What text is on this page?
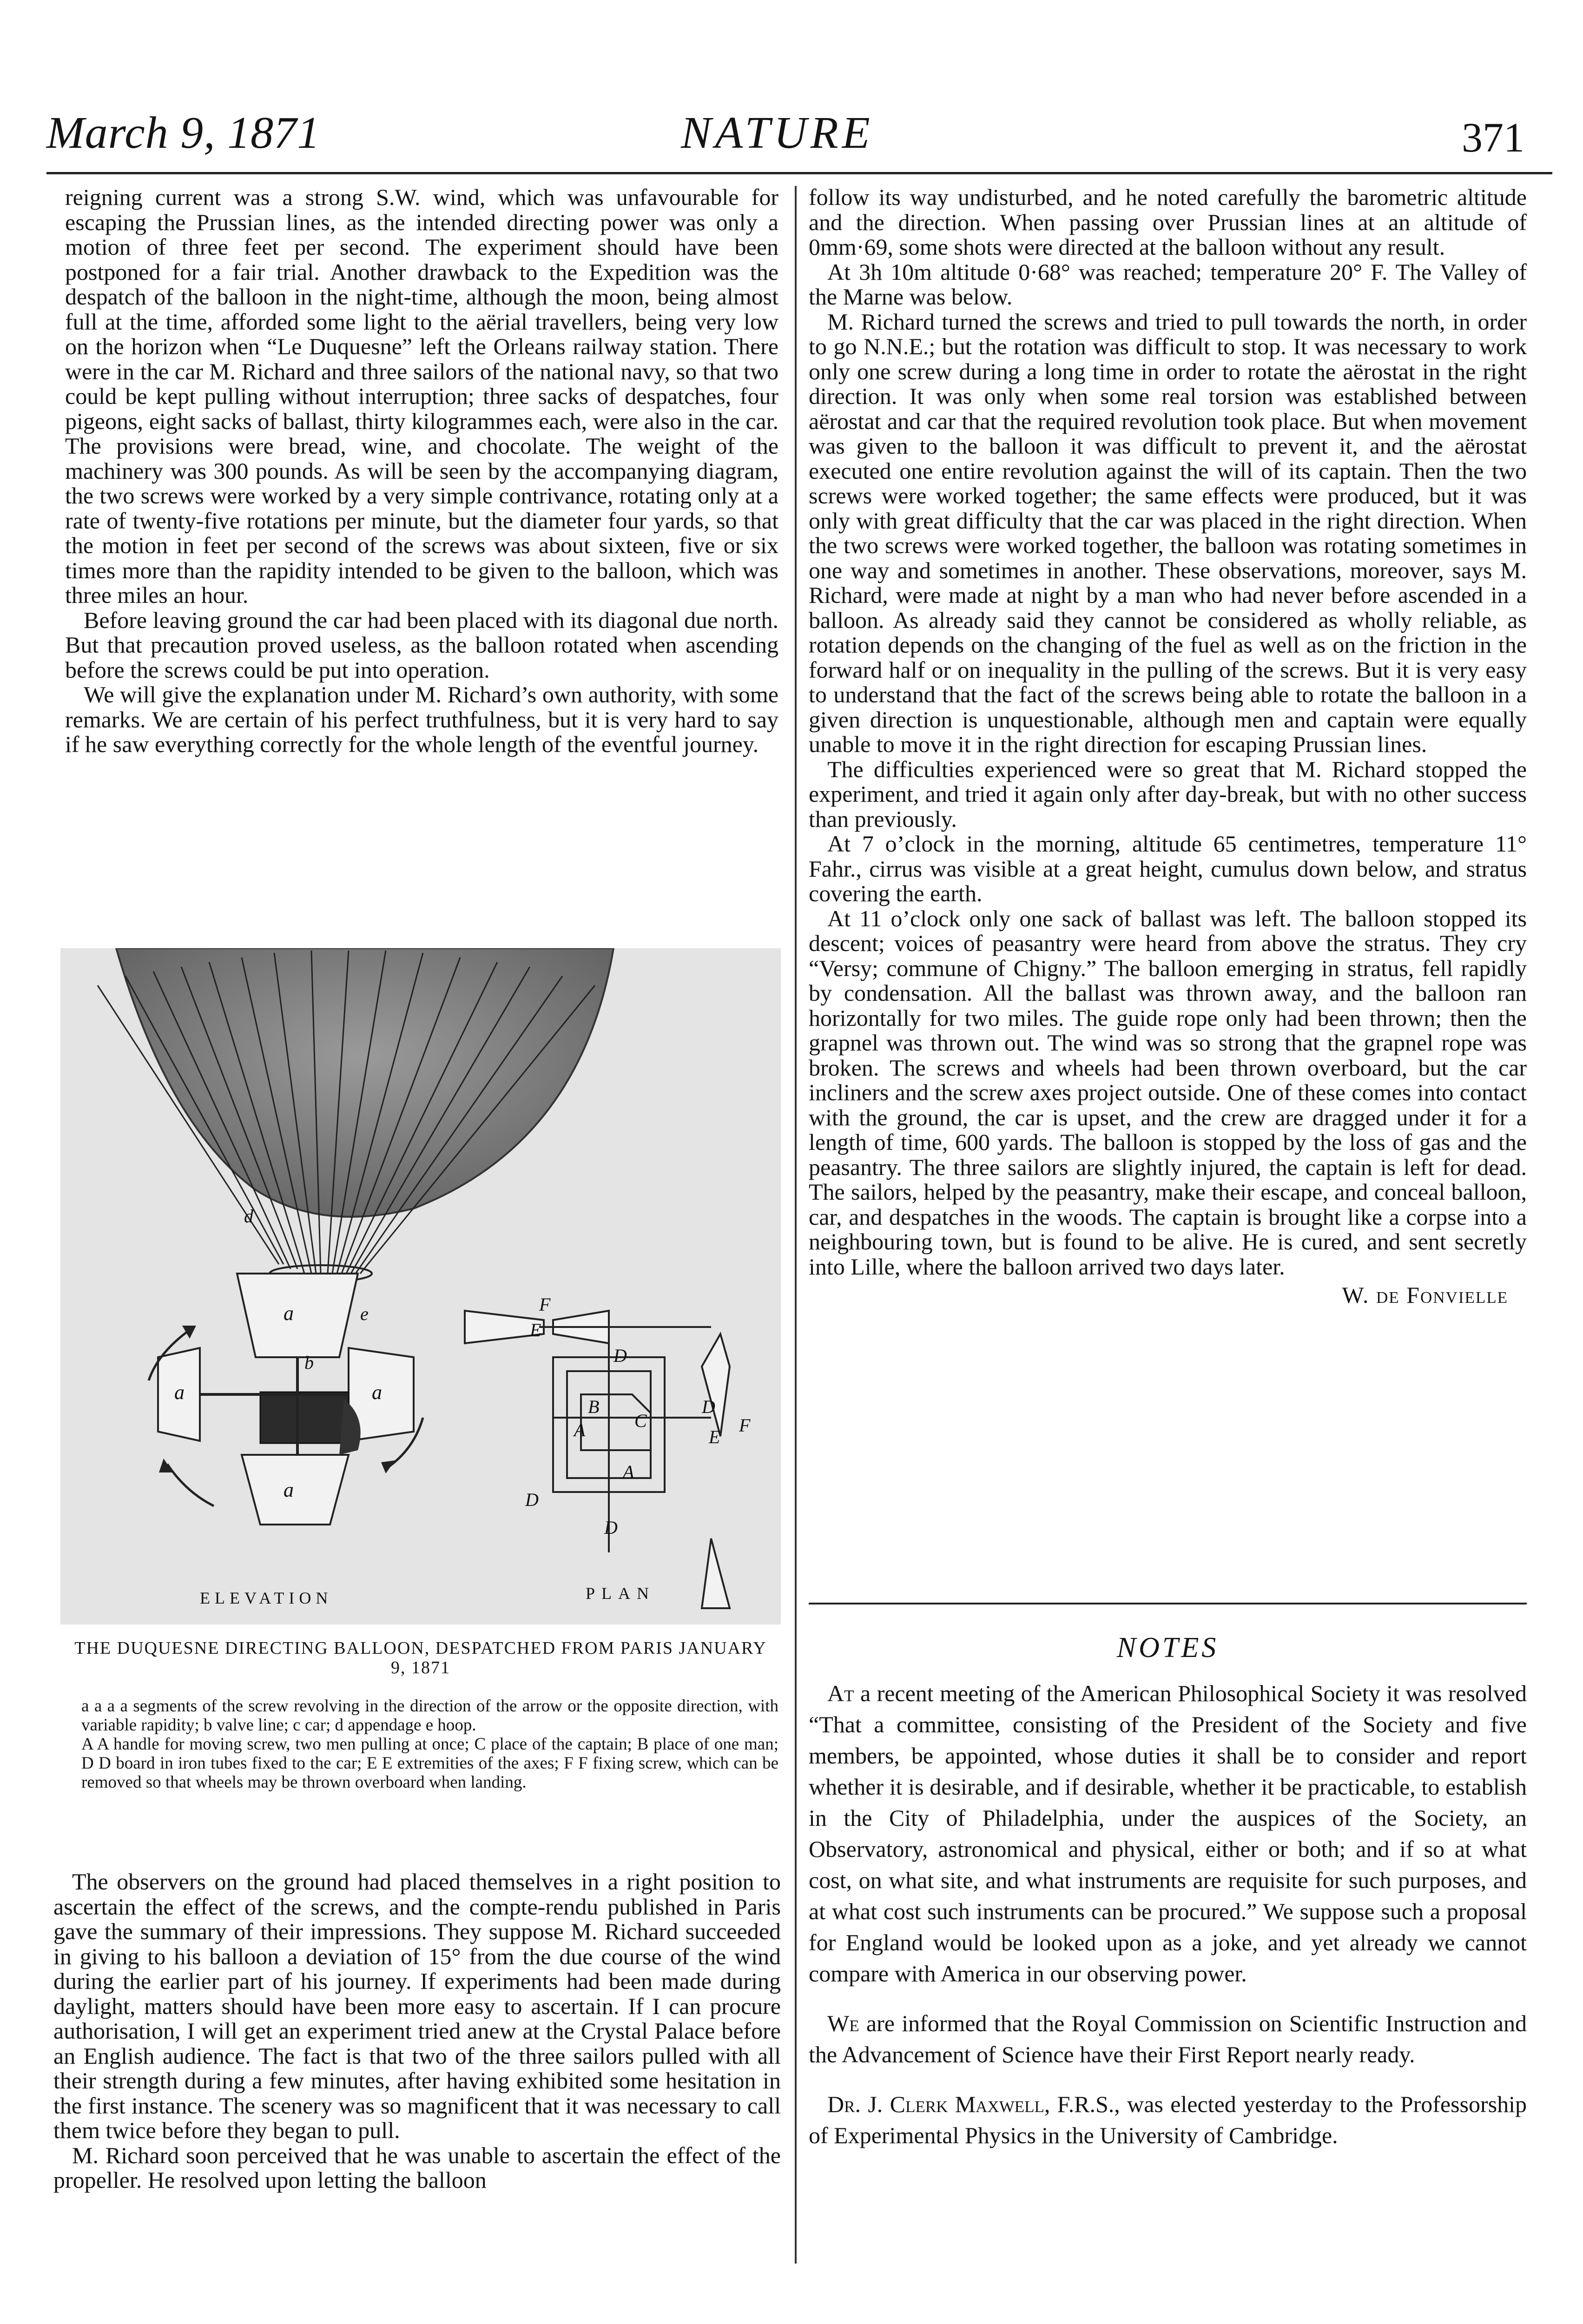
March 9, 1871	NATURE	371

reigning current was a strong S.W. wind, which was unfavourable for escaping the Prussian lines, as the intended directing power was only a motion of three feet per second. The experiment should have been postponed for a fair trial. Another drawback to the Expedition was the despatch of the balloon in the night-time, although the moon, being almost full at the time, afforded some light to the aërial travellers, being very low on the horizon when “Le Duquesne” left the Orleans railway station. There were in the car M. Richard and three sailors of the national navy, so that two could be kept pulling without interruption; three sacks of despatches, four pigeons, eight sacks of ballast, thirty kilogrammes each, were also in the car. The provisions were bread, wine, and chocolate. The weight of the machinery was 300 pounds. As will be seen by the accompanying diagram, the two screws were worked by a very simple contrivance, rotating only at a rate of twenty-five rotations per minute, but the diameter four yards, so that the motion in feet per second of the screws was about sixteen, five or six times more than the rapidity intended to be given to the balloon, which was three miles an hour.

Before leaving ground the car had been placed with its diagonal due north. But that precaution proved useless, as the balloon rotated when ascending before the screws could be put into operation.

We will give the explanation under M. Richard’s own authority, with some remarks. We are certain of his perfect truthfulness, but it is very hard to say if he saw everything correctly for the whole length of the eventful journey.

a
a	a
a
b
d
e	F
F
E
E
D
D
D
D
B
C
A
A
ELEVATION	PLAN
THE DUQUESNE DIRECTING BALLOON, DESPATCHED FROM PARIS JANUARY 9, 1871

a a a a segments of the screw revolving in the direction of the arrow or the opposite direction, with variable rapidity; b valve line; c car; d appendage e hoop.

A A handle for moving screw, two men pulling at once; C place of the captain; B place of one man; D D board in iron tubes fixed to the car; E E extremities of the axes; F F fixing screw, which can be removed so that wheels may be thrown overboard when landing.

The observers on the ground had placed themselves in a right position to ascertain the effect of the screws, and the compte-rendu published in Paris gave the summary of their impressions. They suppose M. Richard succeeded in giving to his balloon a deviation of 15° from the due course of the wind during the earlier part of his journey. If experiments had been made during daylight, matters should have been more easy to ascertain. If I can procure authorisation, I will get an experiment tried anew at the Crystal Palace before an English audience. The fact is that two of the three sailors pulled with all their strength during a few minutes, after having exhibited some hesitation in the first instance. The scenery was so magnificent that it was necessary to call them twice before they began to pull.

M. Richard soon perceived that he was unable to ascertain the effect of the propeller. He resolved upon letting the balloon

follow its way undisturbed, and he noted carefully the barometric altitude and the direction. When passing over Prussian lines at an altitude of 0mm·69, some shots were directed at the balloon without any result.

At 3h 10m altitude 0·68° was reached; temperature 20° F. The Valley of the Marne was below.

M. Richard turned the screws and tried to pull towards the north, in order to go N.N.E.; but the rotation was difficult to stop. It was necessary to work only one screw during a long time in order to rotate the aërostat in the right direction. It was only when some real torsion was established between aërostat and car that the required revolution took place. But when movement was given to the balloon it was difficult to prevent it, and the aërostat executed one entire revolution against the will of its captain. Then the two screws were worked together; the same effects were produced, but it was only with great difficulty that the car was placed in the right direction. When the two screws were worked together, the balloon was rotating sometimes in one way and sometimes in another. These observations, moreover, says M. Richard, were made at night by a man who had never before ascended in a balloon. As already said they cannot be considered as wholly reliable, as rotation depends on the changing of the fuel as well as on the friction in the forward half or on inequality in the pulling of the screws. But it is very easy to understand that the fact of the screws being able to rotate the balloon in a given direction is unquestionable, although men and captain were equally unable to move it in the right direction for escaping Prussian lines.

The difficulties experienced were so great that M. Richard stopped the experiment, and tried it again only after day-break, but with no other success than previously.

At 7 o’clock in the morning, altitude 65 centimetres, temperature 11° Fahr., cirrus was visible at a great height, cumulus down below, and stratus covering the earth.

At 11 o’clock only one sack of ballast was left. The balloon stopped its descent; voices of peasantry were heard from above the stratus. They cry “Versy; commune of Chigny.” The balloon emerging in stratus, fell rapidly by condensation. All the ballast was thrown away, and the balloon ran horizontally for two miles. The guide rope only had been thrown; then the grapnel was thrown out. The wind was so strong that the grapnel rope was broken. The screws and wheels had been thrown overboard, but the car incliners and the screw axes project outside. One of these comes into contact with the ground, the car is upset, and the crew are dragged under it for a length of time, 600 yards. The balloon is stopped by the loss of gas and the peasantry. The three sailors are slightly injured, the captain is left for dead. The sailors, helped by the peasantry, make their escape, and conceal balloon, car, and despatches in the woods. The captain is brought like a corpse into a neighbouring town, but is found to be alive. He is cured, and sent secretly into Lille, where the balloon arrived two days later.

W. de Fonvielle
NOTES

At a recent meeting of the American Philosophical Society it was resolved “That a committee, consisting of the President of the Society and five members, be appointed, whose duties it shall be to consider and report whether it is desirable, and if desirable, whether it be practicable, to establish in the City of Philadelphia, under the auspices of the Society, an Observatory, astronomical and physical, either or both; and if so at what cost, on what site, and what instruments are requisite for such purposes, and at what cost such instruments can be procured.” We suppose such a proposal for England would be looked upon as a joke, and yet already we cannot compare with America in our observing power.

We are informed that the Royal Commission on Scientific Instruction and the Advancement of Science have their First Report nearly ready.

Dr. J. Clerk Maxwell, F.R.S., was elected yesterday to the Professorship of Experimental Physics in the University of Cambridge.
